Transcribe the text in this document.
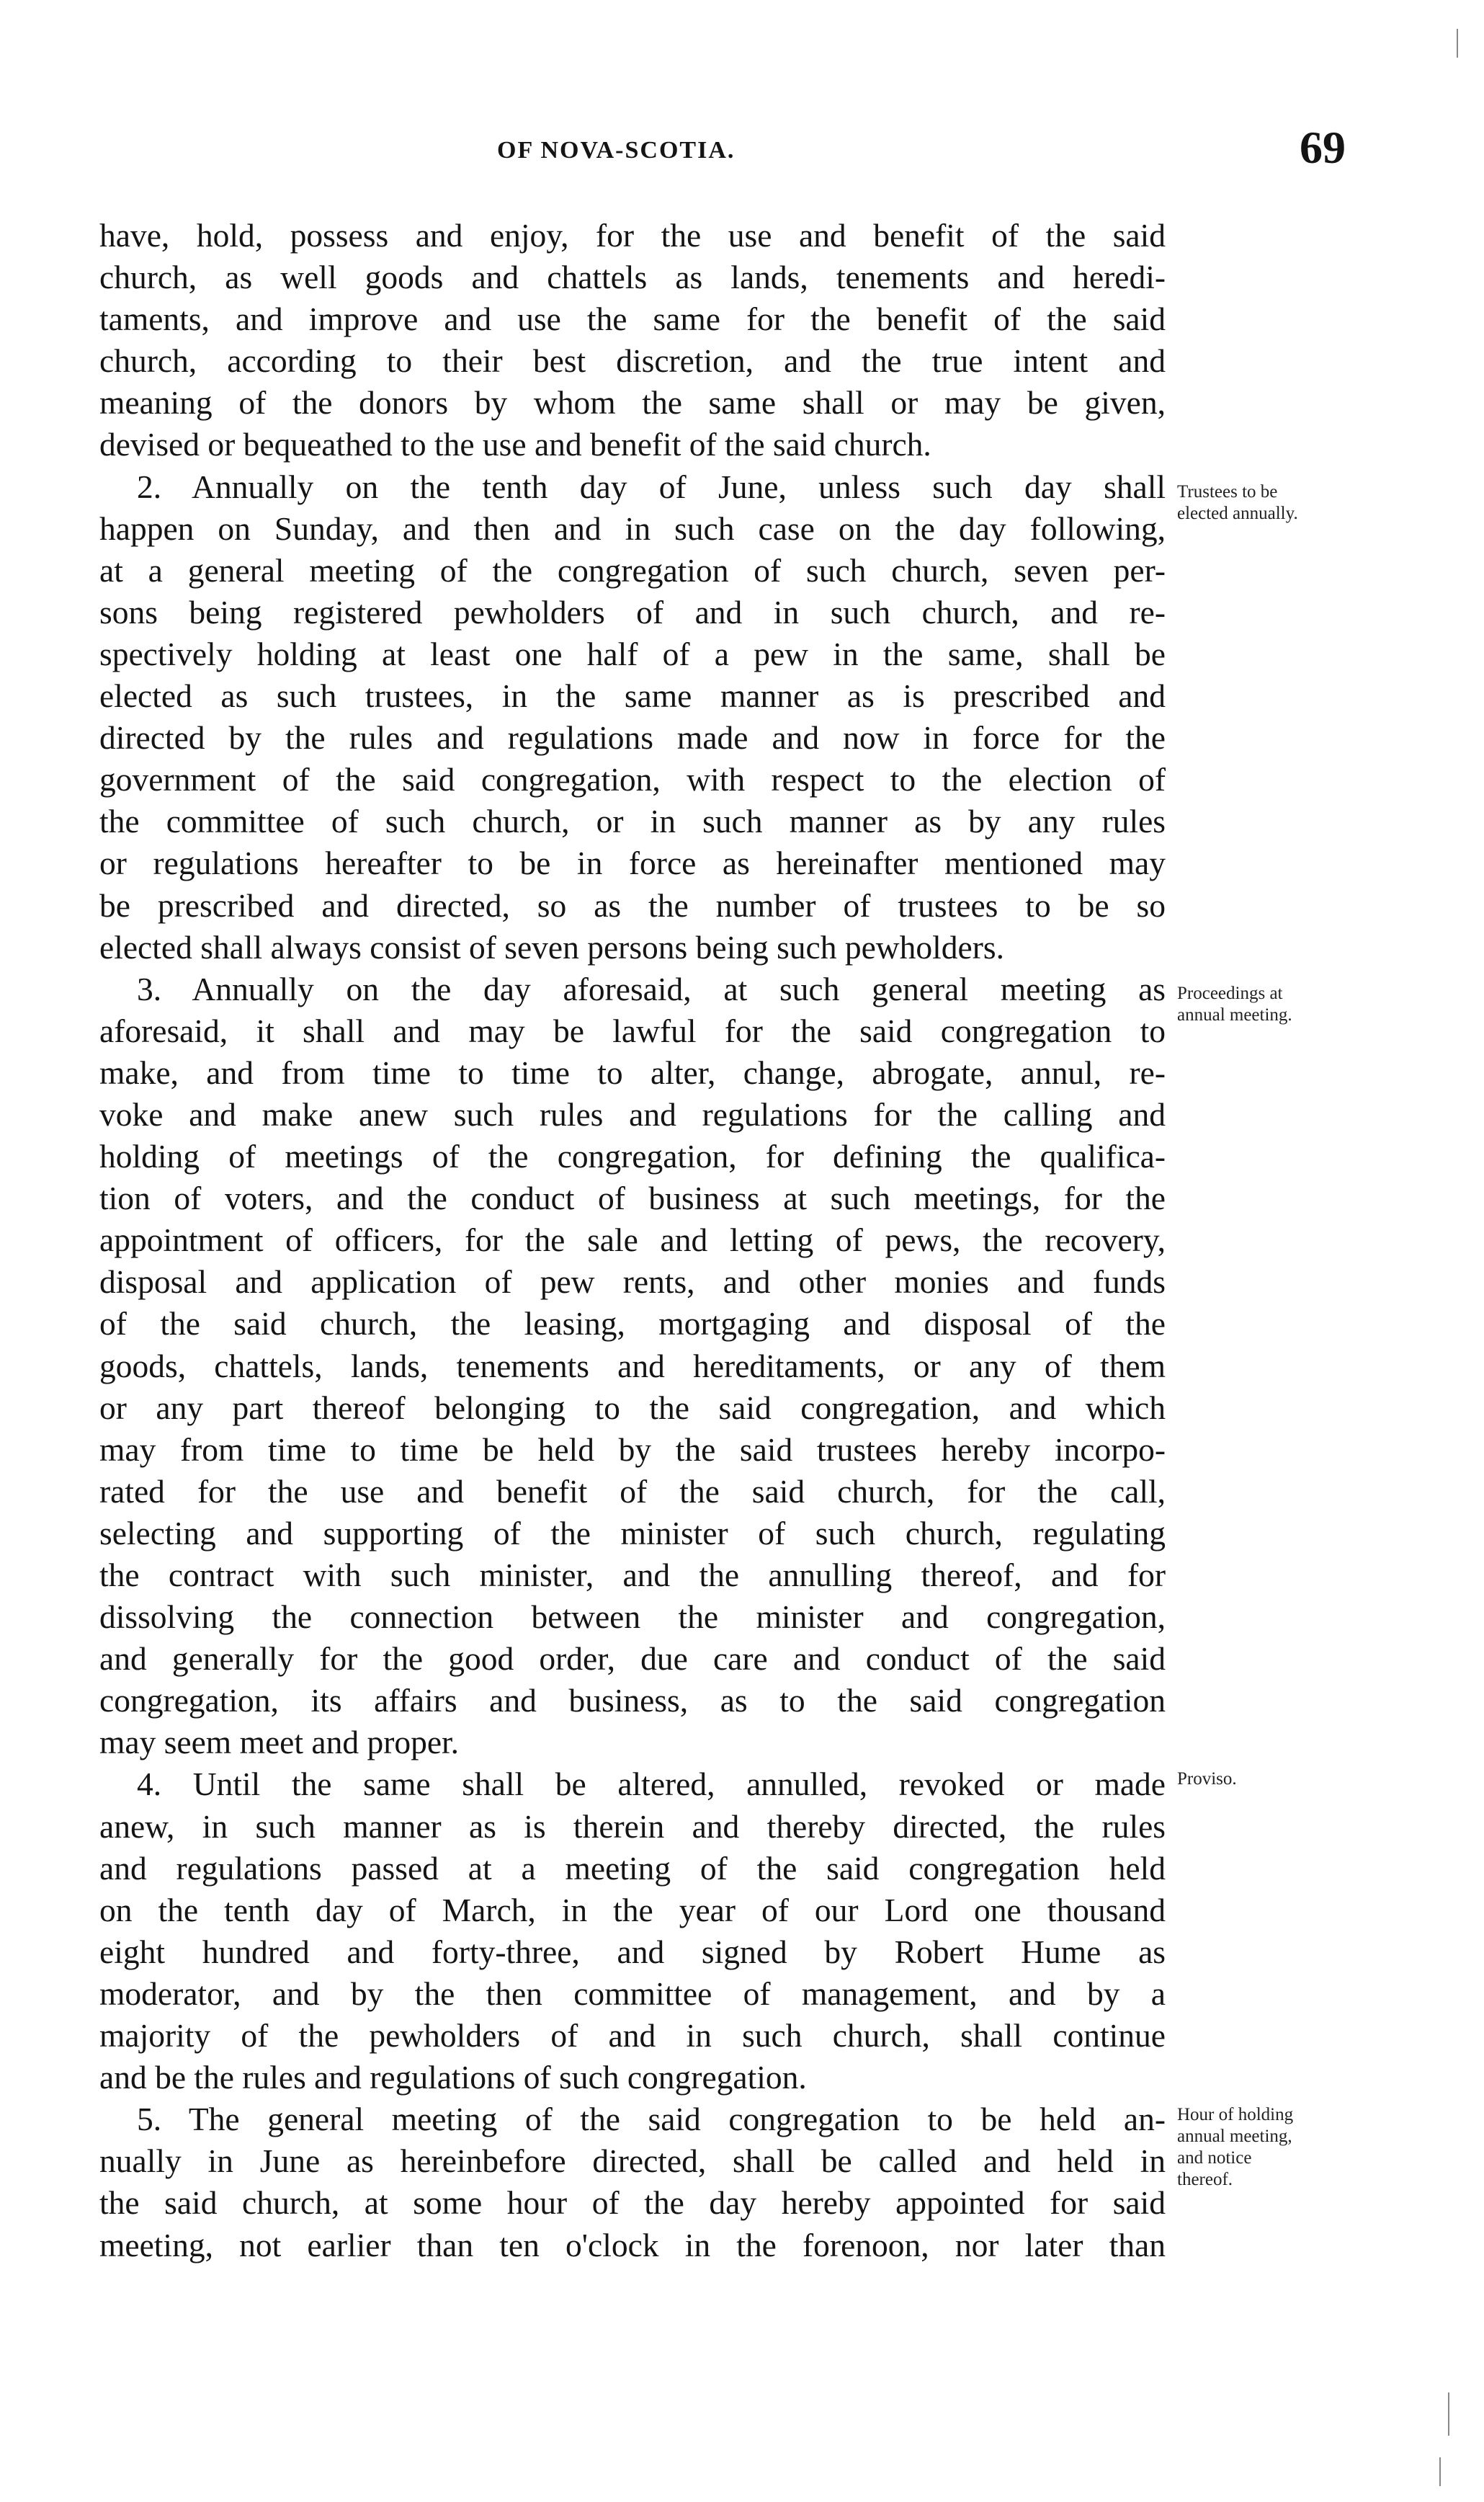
OF NOVA-SCOTIA.	69
have, hold, possess and enjoy, for the use and benefit of the said
church, as well goods and chattels as lands, tenements and heredi-
taments, and improve and use the same for the benefit of the said
church, according to their best discretion, and the true intent and
meaning of the donors by whom the same shall or may be given,
devised or bequeathed to the use and benefit of the said church.
2. Annually on the tenth day of June, unless such day shall
happen on Sunday, and then and in such case on the day following,
at a general meeting of the congregation of such church, seven per-
sons being registered pewholders of and in such church, and re-
spectively holding at least one half of a pew in the same, shall be
elected as such trustees, in the same manner as is prescribed and
directed by the rules and regulations made and now in force for the
government of the said congregation, with respect to the election of
the committee of such church, or in such manner as by any rules
or regulations hereafter to be in force as hereinafter mentioned may
be prescribed and directed, so as the number of trustees to be so
elected shall always consist of seven persons being such pewholders.
3. Annually on the day aforesaid, at such general meeting as
aforesaid, it shall and may be lawful for the said congregation to
make, and from time to time to alter, change, abrogate, annul, re-
voke and make anew such rules and regulations for the calling and
holding of meetings of the congregation, for defining the qualifica-
tion of voters, and the conduct of business at such meetings, for the
appointment of officers, for the sale and letting of pews, the recovery,
disposal and application of pew rents, and other monies and funds
of the said church, the leasing, mortgaging and disposal of the
goods, chattels, lands, tenements and hereditaments, or any of them
or any part thereof belonging to the said congregation, and which
may from time to time be held by the said trustees hereby incorpo-
rated for the use and benefit of the said church, for the call,
selecting and supporting of the minister of such church, regulating
the contract with such minister, and the annulling thereof, and for
dissolving the connection between the minister and congregation,
and generally for the good order, due care and conduct of the said
congregation, its affairs and business, as to the said congregation
may seem meet and proper.
4. Until the same shall be altered, annulled, revoked or made
anew, in such manner as is therein and thereby directed, the rules
and regulations passed at a meeting of the said congregation held
on the tenth day of March, in the year of our Lord one thousand
eight hundred and forty-three, and signed by Robert Hume as
moderator, and by the then committee of management, and by a
majority of the pewholders of and in such church, shall continue
and be the rules and regulations of such congregation.
5. The general meeting of the said congregation to be held an-
nually in June as hereinbefore directed, shall be called and held in
the said church, at some hour of the day hereby appointed for said
meeting, not earlier than ten o'clock in the forenoon, nor later than
Trustees to be
elected annually.
Proceedings at
annual meeting.
Proviso.
Hour of holding
annual meeting,
and notice
thereof.
